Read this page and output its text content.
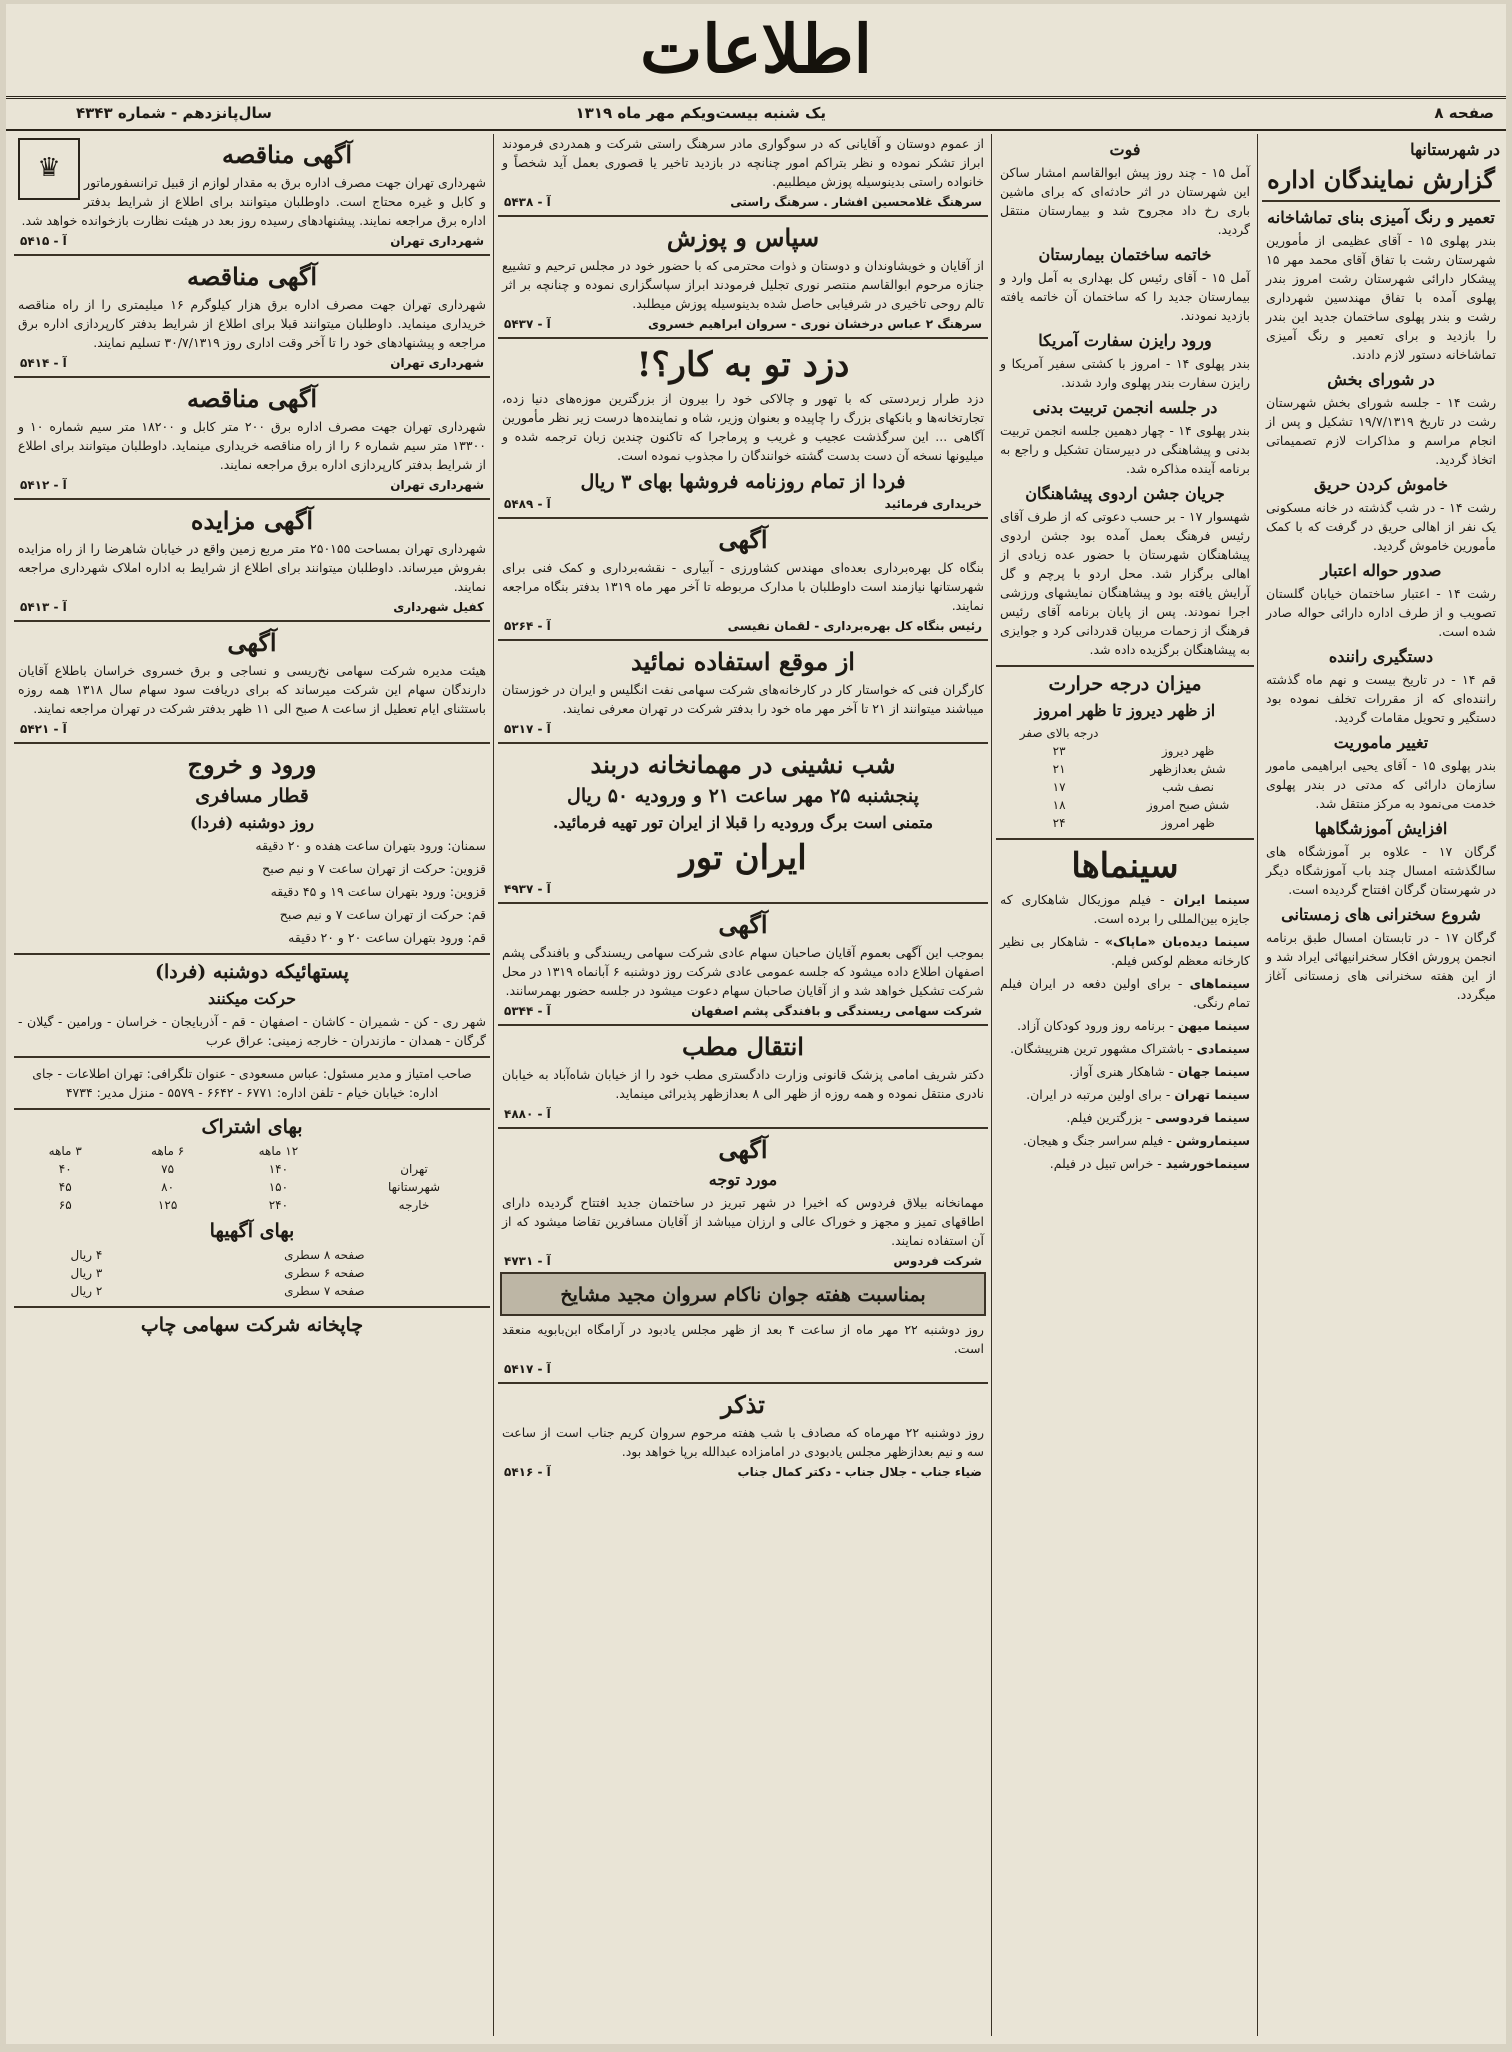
اطلاعات
صفحه ۸
یک شنبه بیست‌و‌یکم مهر ماه ۱۳۱۹
سال‌پانزدهم - شماره ۴۳۴۳
در شهرستانها
گزارش نمایندگان اداره
تعمیر و رنگ آمیزی بنای تماشاخانه
بندر پهلوی ۱۵ - آقای عظیمی از مأمورین شهرستان رشت با تفاق آقای محمد مهر ۱۵ پیشکار دارائی شهرستان رشت امروز بندر پهلوی آمده با تفاق مهندسین شهرداری رشت و بندر پهلوی ساختمان جدید این بندر را بازدید و برای تعمیر و رنگ آمیزی تماشاخانه دستور لازم دادند.
در شورای بخش
رشت ۱۴ - جلسه شورای بخش شهرستان رشت در تاریخ ۱۹/۷/۱۳۱۹ تشکیل و پس از انجام مراسم و مذاکرات لازم تصمیماتی اتخاذ گردید.
خاموش کردن حریق
رشت ۱۴ - در شب گذشته در خانه مسکونی یک نفر از اهالی حریق در گرفت که با کمک مأمورین خاموش گردید.
صدور حواله اعتبار
رشت ۱۴ - اعتبار ساختمان خیابان گلستان تصویب و از طرف اداره دارائی حواله صادر شده است.
دستگیری راننده
قم ۱۴ - در تاریخ بیست و نهم ماه گذشته راننده‌ای که از مقررات تخلف نموده بود دستگیر و تحویل مقامات گردید.
تغییر ماموریت
بندر پهلوی ۱۵ - آقای یحیی ابراهیمی مامور سازمان دارائی که مدتی در بندر پهلوی خدمت می‌نمود به مرکز منتقل شد.
افزایش آموزشگاهها
گرگان ۱۷ - علاوه بر آموزشگاه های سالگذشته امسال چند باب آموزشگاه دیگر در شهرستان گرگان افتتاح گردیده است.
شروع سخنرانی های زمستانی
گرگان ۱۷ - در تابستان امسال طبق برنامه انجمن پرورش افکار سخنرانیهائی ایراد شد و از این هفته سخنرانی های زمستانی آغاز میگردد.
فوت
آمل ۱۵ - چند روز پیش ابوالقاسم امشار ساکن این شهرستان در اثر حادثه‌ای که برای ماشین باری رخ داد مجروح شد و بیمارستان منتقل گردید.
خاتمه ساختمان بیمارستان
آمل ۱۵ - آقای رئیس کل بهداری به آمل وارد و بیمارستان جدید را که ساختمان آن خاتمه یافته بازدید نمودند.
ورود رایزن سفارت آمریکا
بندر پهلوی ۱۴ - امروز با کشتی سفیر آمریکا و رایزن سفارت بندر پهلوی وارد شدند.
در جلسه انجمن تربیت بدنی
بندر پهلوی ۱۴ - چهار دهمین جلسه انجمن تربیت بدنی و پیشاهنگی در دبیرستان تشکیل و راجع به برنامه آینده مذاکره شد.
جریان جشن اردوی پیشاهنگان
شهسوار ۱۷ - بر حسب دعوتی که از طرف آقای رئیس فرهنگ بعمل آمده بود جشن اردوی پیشاهنگان شهرستان با حضور عده زیادی از اهالی برگزار شد. محل اردو با پرچم و گل آرایش یافته بود و پیشاهنگان نمایشهای ورزشی اجرا نمودند. پس از پایان برنامه آقای رئیس فرهنگ از زحمات مربیان قدردانی کرد و جوایزی به پیشاهنگان برگزیده داده شد.
میزان درجه حرارت
از ظهر دیروز تا ظهر امروز
	درجه بالای صفر
ظهر دیروز	۲۳
شش بعدازظهر	۲۱
نصف شب	۱۷
شش صبح امروز	۱۸
ظهر امروز	۲۴
سینماها
سینما ایران - فیلم موزیکال شاهکاری که جایزه بین‌المللی را برده است.
سینما دیده‌بان «ماپاک» - شاهکار بی نظیر کارخانه معظم لوکس فیلم.
سینماهای - برای اولین دفعه در ایران فیلم تمام رنگی.
سینما میهن - برنامه روز ورود کودکان آزاد.
سینمادی - باشتراک مشهور ترین هنرپیشگان.
سینما جهان - شاهکار هنری آواز.
سینما تهران - برای اولین مرتبه در ایران.
سینما فردوسی - بزرگترین فیلم.
سینماروشن - فیلم سراسر جنگ و هیجان.
سینماخورشید - خراس تبیل در فیلم.
از عموم دوستان و آقایانی که در سوگواری مادر سرهنگ راستی شرکت و همدردی فرمودند ابراز تشکر نموده و نظر بتراکم امور چنانچه در بازدید تاخیر یا قصوری بعمل آید شخصاً و خانواده راستی بدینوسیله پوزش میطلبیم.
سرهنگ غلامحسین افشار . سرهنگ راستی
آ - ۵۴۳۸
سپاس و پوزش
از آقایان و خویشاوندان و دوستان و ذوات محترمی که با حضور خود در مجلس ترحیم و تشییع جنازه مرحوم ابوالقاسم منتصر نوری تجلیل فرمودند ابراز سپاسگزاری نموده و چنانچه بر اثر تالم روحی تاخیری در شرفیابی حاصل شده بدینوسیله پوزش میطلبد.
سرهنگ ۲ عباس درخشان نوری - سروان ابراهیم خسروی
آ - ۵۴۳۷
دزد تو به کار؟!
دزد طرار زبردستی که با تهور و چالاکی خود را بیرون از بزرگترین موزه‌های دنیا زده، تجارتخانه‌ها و بانکهای بزرگ را چاپیده و بعنوان وزیر، شاه و نماینده‌ها درست زیر نظر مأمورین آگاهی ... این سرگذشت عجیب و غریب و پرماجرا که تاکنون چندین زبان ترجمه شده و میلیونها نسخه آن دست بدست گشته خوانندگان را مجذوب نموده است.
فردا از تمام روزنامه فروشها بهای ۳ ریال
خریداری فرمائید
آ - ۵۴۸۹
آگهی
بنگاه کل بهره‌برداری بعده‌ای مهندس کشاورزی - آبیاری - نقشه‌برداری و کمک فنی برای شهرستانها نیازمند است داوطلبان با مدارک مربوطه تا آخر مهر ماه ۱۳۱۹ بدفتر بنگاه مراجعه نمایند.
رئیس بنگاه کل بهره‌برداری - لقمان نفیسی
آ - ۵۲۶۴
از موقع استفاده نمائید
کارگران فنی که خواستار کار در کارخانه‌های شرکت سهامی نفت انگلیس و ایران در خوزستان میباشند میتوانند از ۲۱ تا آخر مهر ماه خود را بدفتر شرکت در تهران معرفی نمایند.
آ - ۵۳۱۷
شب نشینی در مهمانخانه دربند
پنجشنبه ۲۵ مهر ساعت ۲۱ و ورودیه ۵۰ ریال
متمنی است برگ ورودیه را قبلا از ایران تور تهیه فرمائید.
ایران تور
آ - ۴۹۳۷
آگهی
بموجب این آگهی بعموم آقایان صاحبان سهام عادی شرکت سهامی ریسندگی و بافندگی پشم اصفهان اطلاع داده میشود که جلسه عمومی عادی شرکت روز دوشنبه ۶ آبانماه ۱۳۱۹ در محل شرکت تشکیل خواهد شد و از آقایان صاحبان سهام دعوت میشود در جلسه حضور بهمرسانند.
شرکت سهامی ریسندگی و بافندگی پشم اصفهان
آ - ۵۳۴۴
انتقال مطب
دکتر شریف امامی پزشک قانونی وزارت دادگستری مطب خود را از خیابان شاه‌آباد به خیابان نادری منتقل نموده و همه روزه از ظهر الی ۸ بعدازظهر پذیرائی مینماید.
آ - ۴۸۸۰
آگهی
مورد توجه
مهمانخانه بیلاق فردوس که اخیرا در شهر تبریز در ساختمان جدید افتتاح گردیده دارای اطاقهای تمیز و مجهز و خوراک عالی و ارزان میباشد از آقایان مسافرین تقاضا میشود که از آن استفاده نمایند.
شرکت فردوس
آ - ۴۷۳۱
بمناسبت هفته جوان ناکام سروان مجید مشایخ
روز دوشنبه ۲۲ مهر ماه از ساعت ۴ بعد از ظهر مجلس یادبود در آرامگاه ابن‌بابویه منعقد است.
آ - ۵۴۱۷
تذکر
روز دوشنبه ۲۲ مهرماه که مصادف با شب هفته مرحوم سروان کریم جناب است از ساعت سه و نیم بعدازظهر مجلس یادبودی در امامزاده عبدالله برپا خواهد بود.
ضیاء جناب - جلال جناب - دکتر کمال جناب
آ - ۵۴۱۶
♛	آگهی مناقصه
شهرداری تهران جهت مصرف اداره برق به مقدار لوازم از قبیل ترانسفورماتور و کابل و غیره محتاج است. داوطلبان میتوانند برای اطلاع از شرایط بدفتر اداره برق مراجعه نمایند. پیشنهادهای رسیده روز بعد در هیئت نظارت بازخوانده خواهد شد.
شهرداری تهران
آ - ۵۴۱۵
آگهی مناقصه
شهرداری تهران جهت مصرف اداره برق هزار کیلوگرم ۱۶ میلیمتری را از راه مناقصه خریداری مینماید. داوطلبان میتوانند قبلا برای اطلاع از شرایط بدفتر کارپردازی اداره برق مراجعه و پیشنهادهای خود را تا آخر وقت اداری روز ۳۰/۷/۱۳۱۹ تسلیم نمایند.
شهرداری تهران
آ - ۵۴۱۴
آگهی مناقصه
شهرداری تهران جهت مصرف اداره برق ۲۰۰ متر کابل و ۱۸۲۰۰ متر سیم شماره ۱۰ و ۱۳۳۰۰ متر سیم شماره ۶ را از راه مناقصه خریداری مینماید. داوطلبان میتوانند برای اطلاع از شرایط بدفتر کارپردازی اداره برق مراجعه نمایند.
شهرداری تهران
آ - ۵۴۱۲
آگهی مزایده
شهرداری تهران بمساحت ۲۵۰۱۵۵ متر مربع زمین واقع در خیابان شاهرضا را از راه مزایده بفروش میرساند. داوطلبان میتوانند برای اطلاع از شرایط به اداره املاک شهرداری مراجعه نمایند.
کفیل شهرداری
آ - ۵۴۱۳
آگهی
هیئت مدیره شرکت سهامی نخ‌ریسی و نساجی و برق خسروی خراسان باطلاع آقایان دارندگان سهام این شرکت میرساند که برای دریافت سود سهام سال ۱۳۱۸ همه روزه باستثنای ایام تعطیل از ساعت ۸ صبح الی ۱۱ ظهر بدفتر شرکت در تهران مراجعه نمایند.
آ - ۵۴۲۱
ورود و خروج
قطار مسافری
روز دوشنبه (فردا)
سمنان: ورود بتهران ساعت هفده و ۲۰ دقیقه
قزوین: حرکت از تهران ساعت ۷ و نیم صبح
قزوین: ورود بتهران ساعت ۱۹ و ۴۵ دقیقه
قم: حرکت از تهران ساعت ۷ و نیم صبح
قم: ورود بتهران ساعت ۲۰ و ۲۰ دقیقه
پستهائیکه دوشنبه (فردا)
حرکت میکنند
شهر ری - کن - شمیران - کاشان - اصفهان - قم - آذربایجان - خراسان - ورامین - گیلان - گرگان - همدان - مازندران - خارجه زمینی: عراق عرب
صاحب امتیاز و مدیر مسئول: عباس مسعودی - عنوان تلگرافی: تهران اطلاعات - جای اداره: خیابان خیام - تلفن اداره: ۶۷۷۱ - ۶۶۴۲ - ۵۵۷۹ - منزل مدیر: ۴۷۳۴
بهای اشتراک
	۱۲ ماهه	۶ ماهه	۳ ماهه
تهران	۱۴۰	۷۵	۴۰
شهرستانها	۱۵۰	۸۰	۴۵
خارجه	۲۴۰	۱۲۵	۶۵
بهای آگهیها
صفحه ۸ سطری	۴ ریال
صفحه ۶ سطری	۳ ریال
صفحه ۷ سطری	۲ ریال
چاپخانه شرکت سهامی چاپ
